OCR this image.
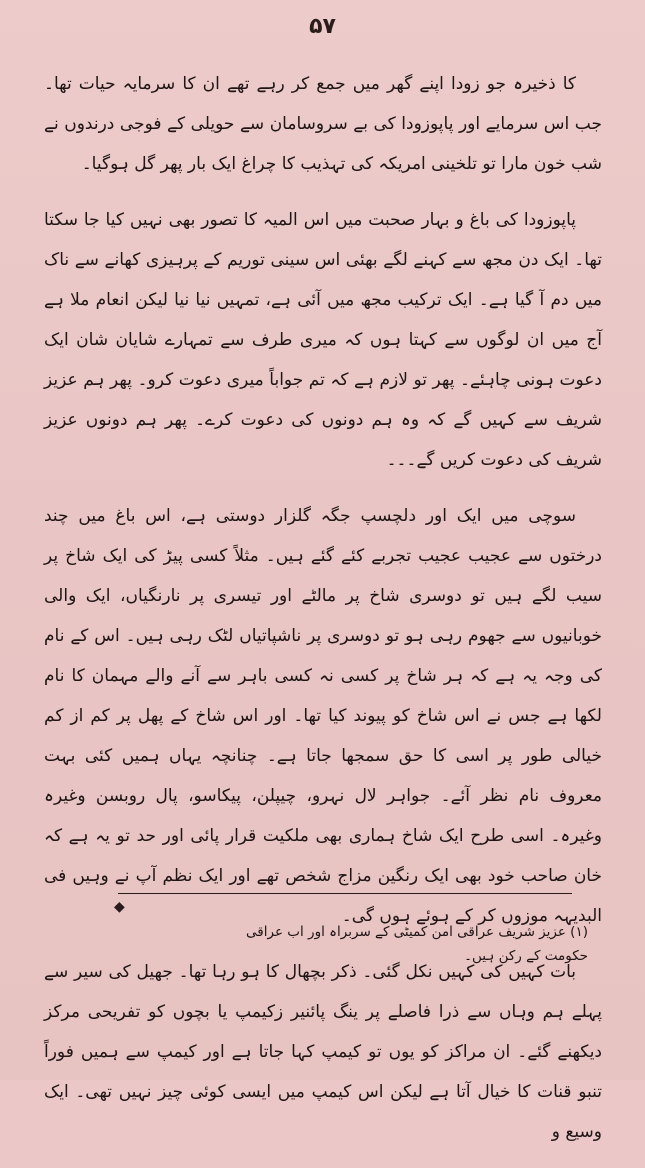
۵۷

کا ذخیرہ جو زودا اپنے گھر میں جمع کر رہے تھے ان کا سرمایہ حیات تھا۔ جب اس سرمایے اور پاپوزودا کی بے سروسامان سے حویلی کے فوجی درندوں نے شب خون مارا تو تلخینی امریکہ کی تہذیب کا چراغ ایک بار پھر گل ہوگیا۔

پاپوزودا کی باغ و بہار صحبت میں اس المیہ کا تصور بھی نہیں کیا جا سکتا تھا۔ ایک دن مجھ سے کہنے لگے بھئی اس سینی توریم کے پرہیزی کھانے سے ناک میں دم آ گیا ہے۔ ایک ترکیب مجھ میں آئی ہے، تمہیں نیا نیا لیکن انعام ملا ہے آج میں ان لوگوں سے کہتا ہوں کہ میری طرف سے تمہارے شایان شان ایک دعوت ہونی چاہئے۔ پھر تو لازم ہے کہ تم جواباً میری دعوت کرو۔ پھر ہم عزیز شریف سے کہیں گے کہ وہ ہم دونوں کی دعوت کرے۔ پھر ہم دونوں عزیز شریف کی دعوت کریں گے۔۔۔

سوچی میں ایک اور دلچسپ جگہ گلزار دوستی ہے، اس باغ میں چند درختوں سے عجیب عجیب تجربے کئے گئے ہیں۔ مثلاً کسی پیڑ کی ایک شاخ پر سیب لگے ہیں تو دوسری شاخ پر مالٹے اور تیسری پر نارنگیاں، ایک والی خوبانیوں سے جھوم رہی ہو تو دوسری پر ناشپاتیاں لٹک رہی ہیں۔ اس کے نام کی وجہ یہ ہے کہ ہر شاخ پر کسی نہ کسی باہر سے آنے والے مہمان کا نام لکھا ہے جس نے اس شاخ کو پیوند کیا تھا۔ اور اس شاخ کے پھل پر کم از کم خیالی طور پر اسی کا حق سمجھا جاتا ہے۔ چنانچہ یہاں ہمیں کئی بہت معروف نام نظر آئے۔ جواہر لال نہرو، چیپلن، پیکاسو، پال روبسن وغیرہ وغیرہ۔ اسی طرح ایک شاخ ہماری بھی ملکیت قرار پائی اور حد تو یہ ہے کہ خان صاحب خود بھی ایک رنگین مزاج شخص تھے اور ایک نظم آپ نے وہیں فی البدیہہ موزوں کر کے ہوئے ہوں گی۔

بات کہیں کی کہیں نکل گئی۔ ذکر بچھال کا ہو رہا تھا۔ جھیل کی سیر سے پہلے ہم وہاں سے ذرا فاصلے پر ینگ پائنیر زکیمپ یا بچوں کو تفریحی مرکز دیکھنے گئے۔ ان مراکز کو یوں تو کیمپ کہا جاتا ہے اور کیمپ سے ہمیں فوراً تنبو قنات کا خیال آتا ہے لیکن اس کیمپ میں ایسی کوئی چیز نہیں تھی۔ ایک وسیع و

◆
(۱) عزیز شریف عراقی امن کمیٹی کے سربراہ اور اب عراقی حکومت کے رکن ہیں۔
